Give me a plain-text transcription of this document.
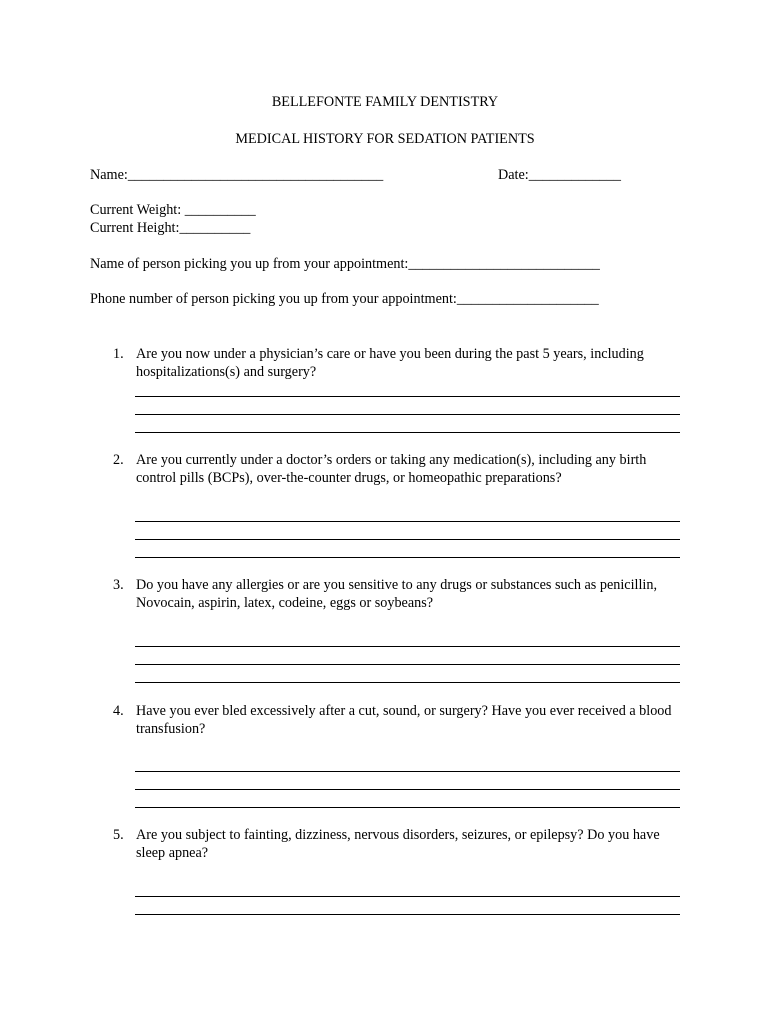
BELLEFONTE FAMILY DENTISTRY
MEDICAL HISTORY FOR SEDATION PATIENTS
Name:____________________________________	Date:_____________
Current Weight: __________
Current Height:__________
Name of person picking you up from your appointment:___________________________
Phone number of person picking you up from your appointment:____________________
1. Are you now under a physician’s care or have you been during the past 5 years, including hospitalizations(s) and surgery?
2. Are you currently under a doctor’s orders or taking any medication(s), including any birth control pills (BCPs), over-the-counter drugs, or homeopathic preparations?
3. Do you have any allergies or are you sensitive to any drugs or substances such as penicillin, Novocain, aspirin, latex, codeine, eggs or soybeans?
4. Have you ever bled excessively after a cut, sound, or surgery? Have you ever received a blood transfusion?
5. Are you subject to fainting, dizziness, nervous disorders, seizures, or epilepsy? Do you have sleep apnea?
